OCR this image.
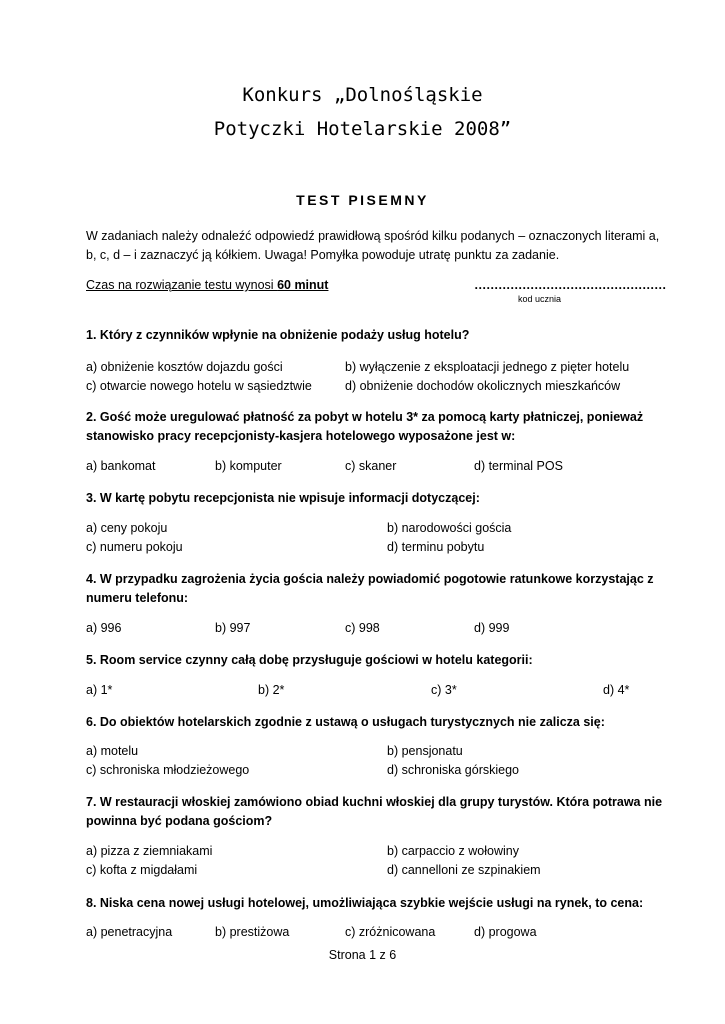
Konkurs „Dolnośląskie
Potyczki Hotelarskie 2008”
TEST PISEMNY
W zadaniach należy odnaleźć odpowiedź prawidłową spośród kilku podanych – oznaczonych literami a, b, c, d – i zaznaczyć ją kółkiem. Uwaga! Pomyłka powoduje utratę punktu za zadanie.
Czas na rozwiązanie testu wynosi 60 minut	…………………………………………
kod ucznia
1. Który z czynników wpłynie na obniżenie podaży usług hotelu?
a) obniżenie kosztów dojazdu gości	b) wyłączenie z eksploatacji jednego z pięter hotelu
c) otwarcie nowego hotelu w sąsiedztwie	d) obniżenie dochodów okolicznych mieszkańców
2. Gość może uregulować płatność za pobyt w hotelu 3* za pomocą karty płatniczej, ponieważ stanowisko pracy recepcjonisty-kasjera hotelowego wyposażone jest w:
a) bankomat	b) komputer	c) skaner	d) terminal POS
3. W kartę pobytu recepcjonista nie wpisuje informacji dotyczącej:
a) ceny pokoju	b) narodowości gościa
c) numeru pokoju	d) terminu pobytu
4. W przypadku zagrożenia życia gościa należy powiadomić pogotowie ratunkowe korzystając z numeru telefonu:
a) 996	b) 997	c) 998	d) 999
5. Room service czynny całą dobę przysługuje gościowi w hotelu kategorii:
a) 1*	b) 2*	c) 3*	d) 4*
6. Do obiektów hotelarskich zgodnie z ustawą o usługach turystycznych nie zalicza się:
a) motelu	b) pensjonatu
c) schroniska młodzieżowego	d) schroniska górskiego
7. W restauracji włoskiej zamówiono obiad kuchni włoskiej dla grupy turystów. Która potrawa nie powinna być podana gościom?
a) pizza z ziemniakami	b) carpaccio z wołowiny
c) kofta z migdałami	d) cannelloni ze szpinakiem
8. Niska cena nowej usługi hotelowej, umożliwiająca szybkie wejście usługi na rynek, to cena:
a) penetracyjna	b) prestiżowa	c) zróżnicowana	d) progowa
Strona 1 z 6
